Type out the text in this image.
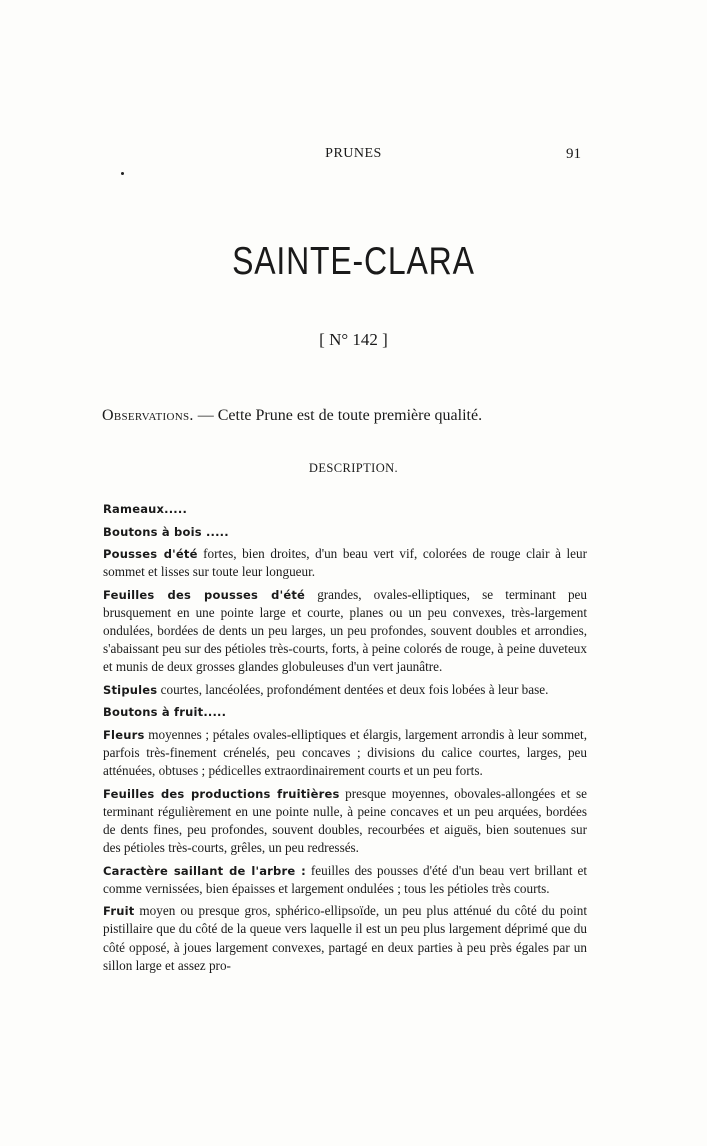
PRUNES	91
SAINTE-CLARA
[ N° 142 ]
Observations. — Cette Prune est de toute première qualité.
DESCRIPTION.

Rameaux.....

Boutons à bois .....

Pousses d'été fortes, bien droites, d'un beau vert vif, colorées de rouge clair à leur sommet et lisses sur toute leur longueur.

Feuilles des pousses d'été grandes, ovales-elliptiques, se terminant peu brusquement en une pointe large et courte, planes ou un peu convexes, très-largement ondulées, bordées de dents un peu larges, un peu profondes, souvent doubles et arrondies, s'abaissant peu sur des pétioles très-courts, forts, à peine colorés de rouge, à peine duveteux et munis de deux grosses glandes globuleuses d'un vert jaunâtre.

Stipules courtes, lancéolées, profondément dentées et deux fois lobées à leur base.

Boutons à fruit.....

Fleurs moyennes ; pétales ovales-elliptiques et élargis, largement arrondis à leur sommet, parfois très-finement crénelés, peu concaves ; divisions du calice courtes, larges, peu atténuées, obtuses ; pédicelles extraordinairement courts et un peu forts.

Feuilles des productions fruitières presque moyennes, obovales-allongées et se terminant régulièrement en une pointe nulle, à peine concaves et un peu arquées, bordées de dents fines, peu profondes, souvent doubles, recourbées et aiguës, bien soutenues sur des pétioles très-courts, grêles, un peu redressés.

Caractère saillant de l'arbre : feuilles des pousses d'été d'un beau vert brillant et comme vernissées, bien épaisses et largement ondulées ; tous les pétioles très courts.

Fruit moyen ou presque gros, sphérico-ellipsoïde, un peu plus atténué du côté du point pistillaire que du côté de la queue vers laquelle il est un peu plus largement déprimé que du côté opposé, à joues largement convexes, partagé en deux parties à peu près égales par un sillon large et assez pro-
